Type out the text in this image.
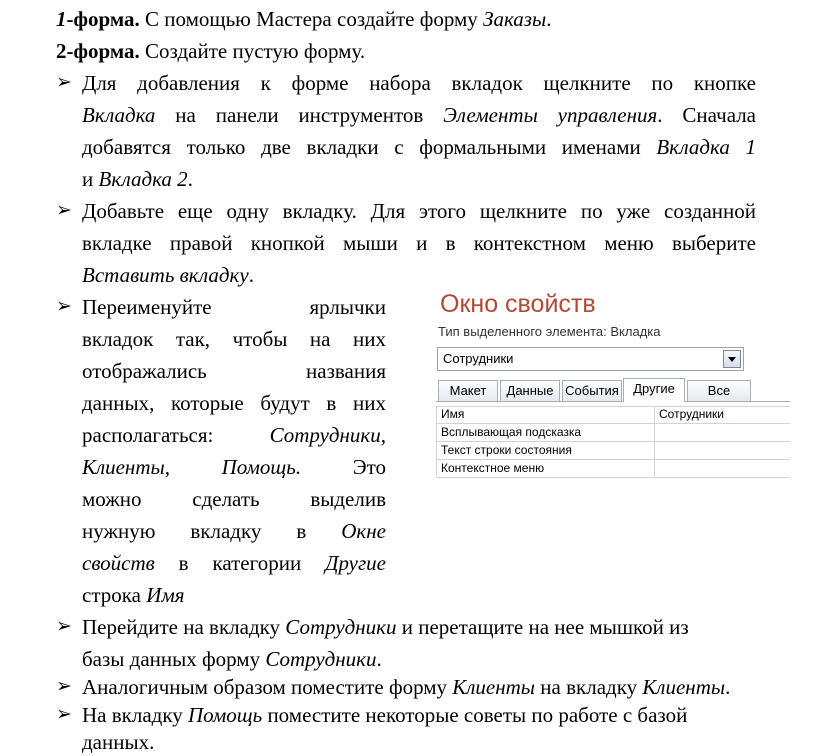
1-форма. С помощью Мастера создайте форму Заказы.
2-форма. Создайте пустую форму.
➢ Для добавления к форме набора вкладок щелкните по кнопке
Вкладка на панели инструментов Элементы управления. Сначала
добавятся только две вкладки с формальными именами Вкладка 1
и Вкладка 2.
➢ Добавьте еще одну вкладку. Для этого щелкните по уже созданной
вкладке правой кнопкой мыши и в контекстном меню выберите
Вставить вкладку.
➢ Переименуйте ярлычки
вкладок так, чтобы на них
отображались названия
данных, которые будут в них
располагаться: Сотрудники,
Клиенты, Помощь. Это
можно сделать выделив
нужную вкладку в Окне
свойств в категории Другие
строка Имя
➢ Перейдите на вкладку Сотрудники и перетащите на нее мышкой из
базы данных форму Сотрудники.
➢ Аналогичным образом поместите форму Клиенты на вкладку Клиенты.
➢ На вкладку Помощь поместите некоторые советы по работе с базой
данных.
Окно свойств
Тип выделенного элемента: Вкладка
Сотрудники
Макет	Данные События	Другие	Все
Имя	Сотрудники
Всплывающая подсказка
Текст строки состояния
Контекстное меню
